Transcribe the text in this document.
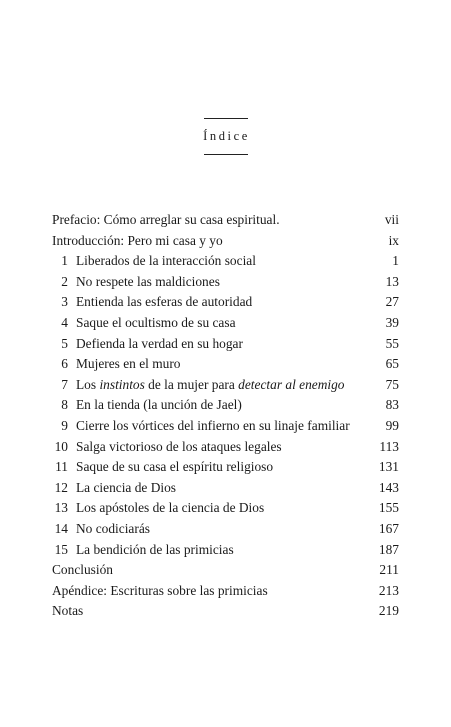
Índice
Prefacio: Cómo arreglar su casa espiritual.	vii
Introducción: Pero mi casa y yo	ix
1 Liberados de la interacción social	1
2 No respete las maldiciones	13
3 Entienda las esferas de autoridad	27
4 Saque el ocultismo de su casa	39
5 Defienda la verdad en su hogar	55
6 Mujeres en el muro	65
7 Los instintos de la mujer para detectar al enemigo	75
8 En la tienda (la unción de Jael)	83
9 Cierre los vórtices del infierno en su linaje familiar	99
10 Salga victorioso de los ataques legales	113
11 Saque de su casa el espíritu religioso	131
12 La ciencia de Dios	143
13 Los apóstoles de la ciencia de Dios	155
14 No codiciarás	167
15 La bendición de las primicias	187
Conclusión	211
Apéndice: Escrituras sobre las primicias	213
Notas	219
